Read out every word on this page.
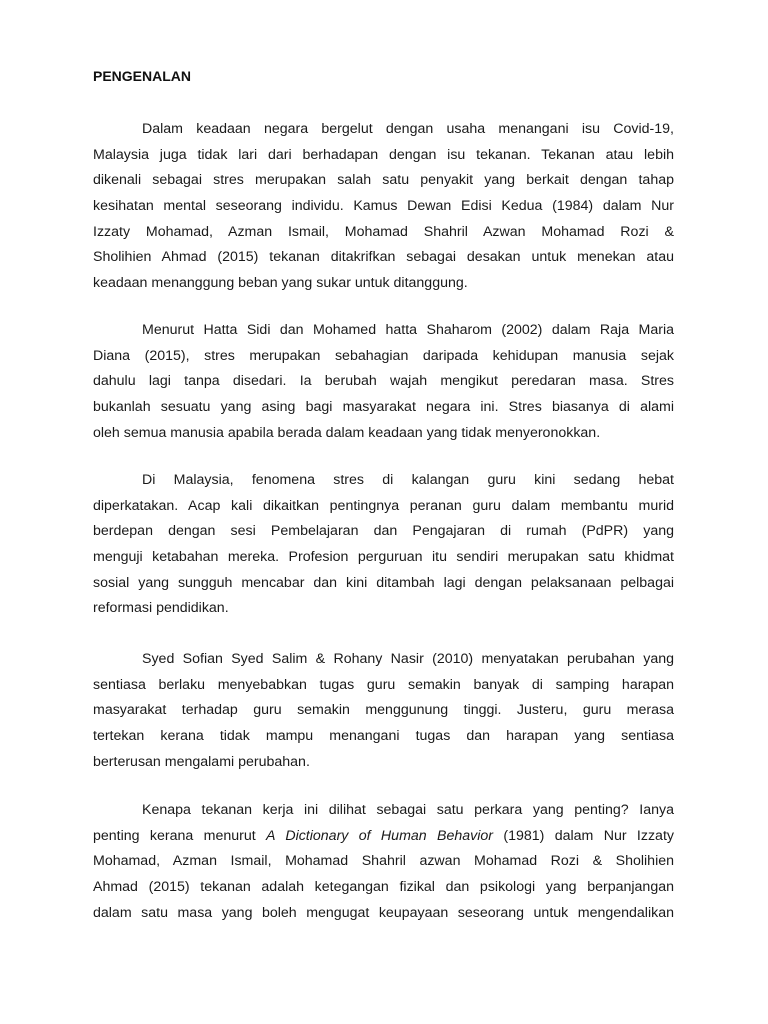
PENGENALAN

Dalam keadaan negara bergelut dengan usaha menangani isu Covid-19,
Malaysia juga tidak lari dari berhadapan dengan isu tekanan. Tekanan atau lebih
dikenali sebagai stres merupakan salah satu penyakit yang berkait dengan tahap
kesihatan mental seseorang individu. Kamus Dewan Edisi Kedua (1984) dalam Nur
Izzaty Mohamad, Azman Ismail, Mohamad Shahril Azwan Mohamad Rozi &
Sholihien Ahmad (2015) tekanan ditakrifkan sebagai desakan untuk menekan atau
keadaan menanggung beban yang sukar untuk ditanggung.

Menurut Hatta Sidi dan Mohamed hatta Shaharom (2002) dalam Raja Maria
Diana (2015), stres merupakan sebahagian daripada kehidupan manusia sejak
dahulu lagi tanpa disedari. Ia berubah wajah mengikut peredaran masa. Stres
bukanlah sesuatu yang asing bagi masyarakat negara ini. Stres biasanya di alami
oleh semua manusia apabila berada dalam keadaan yang tidak menyeronokkan.

Di Malaysia, fenomena stres di kalangan guru kini sedang hebat
diperkatakan. Acap kali dikaitkan pentingnya peranan guru dalam membantu murid
berdepan dengan sesi Pembelajaran dan Pengajaran di rumah (PdPR) yang
menguji ketabahan mereka. Profesion perguruan itu sendiri merupakan satu khidmat
sosial yang sungguh mencabar dan kini ditambah lagi dengan pelaksanaan pelbagai
reformasi pendidikan.

Syed Sofian Syed Salim & Rohany Nasir (2010) menyatakan perubahan yang
sentiasa berlaku menyebabkan tugas guru semakin banyak di samping harapan
masyarakat terhadap guru semakin menggunung tinggi. Justeru, guru merasa
tertekan kerana tidak mampu menangani tugas dan harapan yang sentiasa
berterusan mengalami perubahan.

Kenapa tekanan kerja ini dilihat sebagai satu perkara yang penting? Ianya
penting kerana menurut A Dictionary of Human Behavior (1981) dalam Nur Izzaty
Mohamad, Azman Ismail, Mohamad Shahril azwan Mohamad Rozi & Sholihien
Ahmad (2015) tekanan adalah ketegangan fizikal dan psikologi yang berpanjangan
dalam satu masa yang boleh mengugat keupayaan seseorang untuk mengendalikan
